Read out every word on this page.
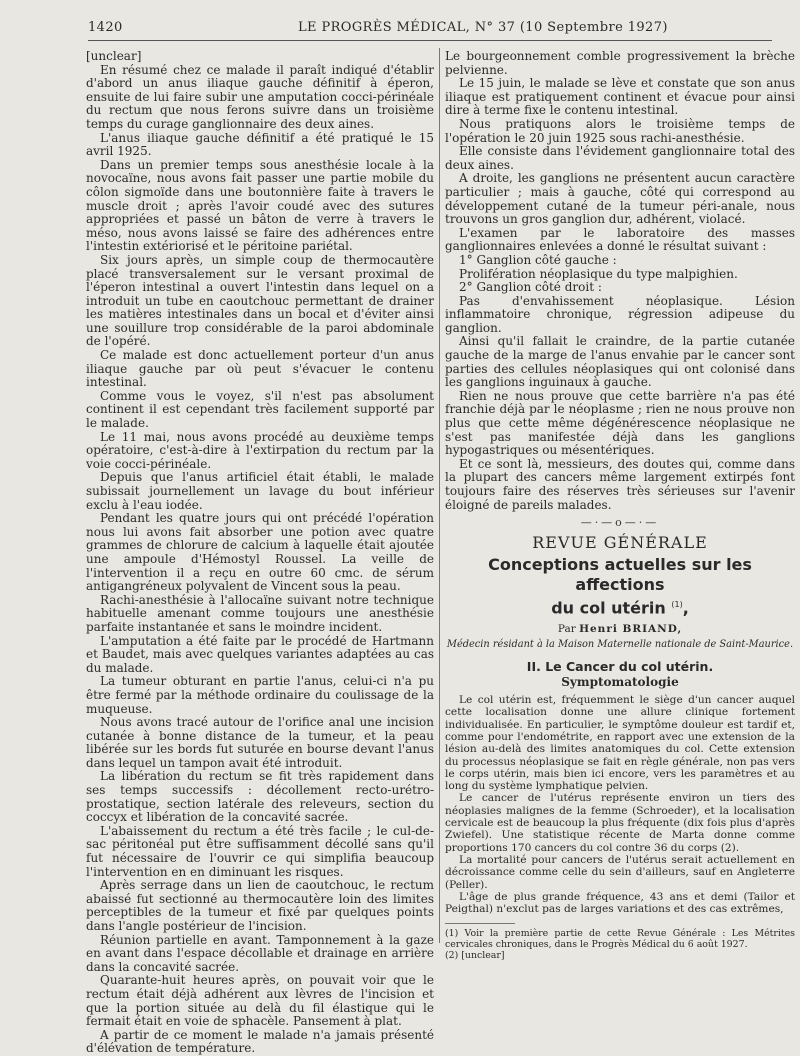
1420	LE PROGRÈS MÉDICAL, N° 37 (10 Septembre 1927)

[unclear]

En résumé chez ce malade il paraît indiqué d'établir d'abord un anus iliaque gauche définitif à éperon, ensuite de lui faire subir une amputation cocci-périnéale du rectum que nous ferons suivre dans un troisième temps du curage ganglionnaire des deux aines.

L'anus iliaque gauche définitif a été pratiqué le 15 avril 1925.

Dans un premier temps sous anesthésie locale à la novocaïne, nous avons fait passer une partie mobile du côlon sigmoïde dans une boutonnière faite à travers le muscle droit ; après l'avoir coudé avec des sutures appropriées et passé un bâton de verre à travers le méso, nous avons laissé se faire des adhérences entre l'intestin extériorisé et le péritoine pariétal.

Six jours après, un simple coup de thermocautère placé transversalement sur le versant proximal de l'éperon intestinal a ouvert l'intestin dans lequel on a introduit un tube en caoutchouc permettant de drainer les matières intestinales dans un bocal et d'éviter ainsi une souillure trop considérable de la paroi abdominale de l'opéré.

Ce malade est donc actuellement porteur d'un anus iliaque gauche par où peut s'évacuer le contenu intestinal.

Comme vous le voyez, s'il n'est pas absolument continent il est cependant très facilement supporté par le malade.

Le 11 mai, nous avons procédé au deuxième temps opératoire, c'est-à-dire à l'extirpation du rectum par la voie cocci-périnéale.

Depuis que l'anus artificiel était établi, le malade subissait journellement un lavage du bout inférieur exclu à l'eau iodée.

Pendant les quatre jours qui ont précédé l'opération nous lui avons fait absorber une potion avec quatre grammes de chlorure de calcium à laquelle était ajoutée une ampoule d'Hémostyl Roussel. La veille de l'intervention il a reçu en outre 60 cmc. de sérum antigangréneux polyvalent de Vincent sous la peau.

Rachi-anesthésie à l'allocaïne suivant notre technique habituelle amenant comme toujours une anesthésie parfaite instantanée et sans le moindre incident.

L'amputation a été faite par le procédé de Hartmann et Baudet, mais avec quelques variantes adaptées au cas du malade.

La tumeur obturant en partie l'anus, celui-ci n'a pu être fermé par la méthode ordinaire du coulissage de la muqueuse.

Nous avons tracé autour de l'orifice anal une incision cutanée à bonne distance de la tumeur, et la peau libérée sur les bords fut suturée en bourse devant l'anus dans lequel un tampon avait été introduit.

La libération du rectum se fit très rapidement dans ses temps successifs : décollement recto-urétro-prostatique, section latérale des releveurs, section du coccyx et libération de la concavité sacrée.

L'abaissement du rectum a été très facile ; le cul-de-sac péritonéal put être suffisamment décollé sans qu'il fut nécessaire de l'ouvrir ce qui simplifia beaucoup l'intervention en en diminuant les risques.

Après serrage dans un lien de caoutchouc, le rectum abaissé fut sectionné au thermocautère loin des limites perceptibles de la tumeur et fixé par quelques points dans l'angle postérieur de l'incision.

Réunion partielle en avant. Tamponnement à la gaze en avant dans l'espace décollable et drainage en arrière dans la concavité sacrée.

Quarante-huit heures après, on pouvait voir que le rectum était déjà adhérent aux lèvres de l'incision et que la portion située au delà du fil élastique qui le fermait était en voie de sphacèle. Pansement à plat.

A partir de ce moment le malade n'a jamais présenté d'élévation de température.

Le bourgeonnement comble progressivement la brèche pelvienne.

Le 15 juin, le malade se lève et constate que son anus iliaque est pratiquement continent et évacue pour ainsi dire à terme fixe le contenu intestinal.

Nous pratiquons alors le troisième temps de l'opération le 20 juin 1925 sous rachi-anesthésie.

Elle consiste dans l'évidement ganglionnaire total des deux aines.

A droite, les ganglions ne présentent aucun caractère particulier ; mais à gauche, côté qui correspond au développement cutané de la tumeur péri-anale, nous trouvons un gros ganglion dur, adhérent, violacé.

L'examen par le laboratoire des masses ganglionnaires enlevées a donné le résultat suivant :

1° Ganglion côté gauche :

Prolifération néoplasique du type malpighien.

2° Ganglion côté droit :

Pas d'envahissement néoplasique. Lésion inflammatoire chronique, régression adipeuse du ganglion.

Ainsi qu'il fallait le craindre, de la partie cutanée gauche de la marge de l'anus envahie par le cancer sont parties des cellules néoplasiques qui ont colonisé dans les ganglions inguinaux à gauche.

Rien ne nous prouve que cette barrière n'a pas été franchie déjà par le néoplasme ; rien ne nous prouve non plus que cette même dégénérescence néoplasique ne s'est pas manifestée déjà dans les ganglions hypogastriques ou mésentériques.

Et ce sont là, messieurs, des doutes qui, comme dans la plupart des cancers même largement extirpés font toujours faire des réserves très sérieuses sur l'avenir éloigné de pareils malades.

—·—o—·—
REVUE GÉNÉRALE

Conceptions actuelles sur les affections
du col utérin $^{(1)}$,

Par Henri BRIAND,

Médecin résidant à la Maison Maternelle nationale de Saint-Maurice.

II. Le Cancer du col utérin.
Symptomatologie

Le col utérin est, fréquemment le siège d'un cancer auquel cette localisation donne une allure clinique fortement individualisée. En particulier, le symptôme douleur est tardif et, comme pour l'endométrite, en rapport avec une extension de la lésion au-delà des limites anatomiques du col. Cette extension du processus néoplasique se fait en règle générale, non pas vers le corps utérin, mais bien ici encore, vers les paramètres et au long du système lymphatique pelvien.

Le cancer de l'utérus représente environ un tiers des néoplasies malignes de la femme (Schroeder), et la localisation cervicale est de beaucoup la plus fréquente (dix fois plus d'après Zwiefel). Une statistique récente de Marta donne comme proportions 170 cancers du col contre 36 du corps (2).

La mortalité pour cancers de l'utérus serait actuellement en décroissance comme celle du sein d'ailleurs, sauf en Angleterre (Peller).

L'âge de plus grande fréquence, 43 ans et demi (Tailor et Peigthal) n'exclut pas de larges variations et des cas extrêmes,

(1) Voir la première partie de cette Revue Générale : Les Métrites cervicales chroniques, dans le Progrès Médical du 6 août 1927.

(2) [unclear]
